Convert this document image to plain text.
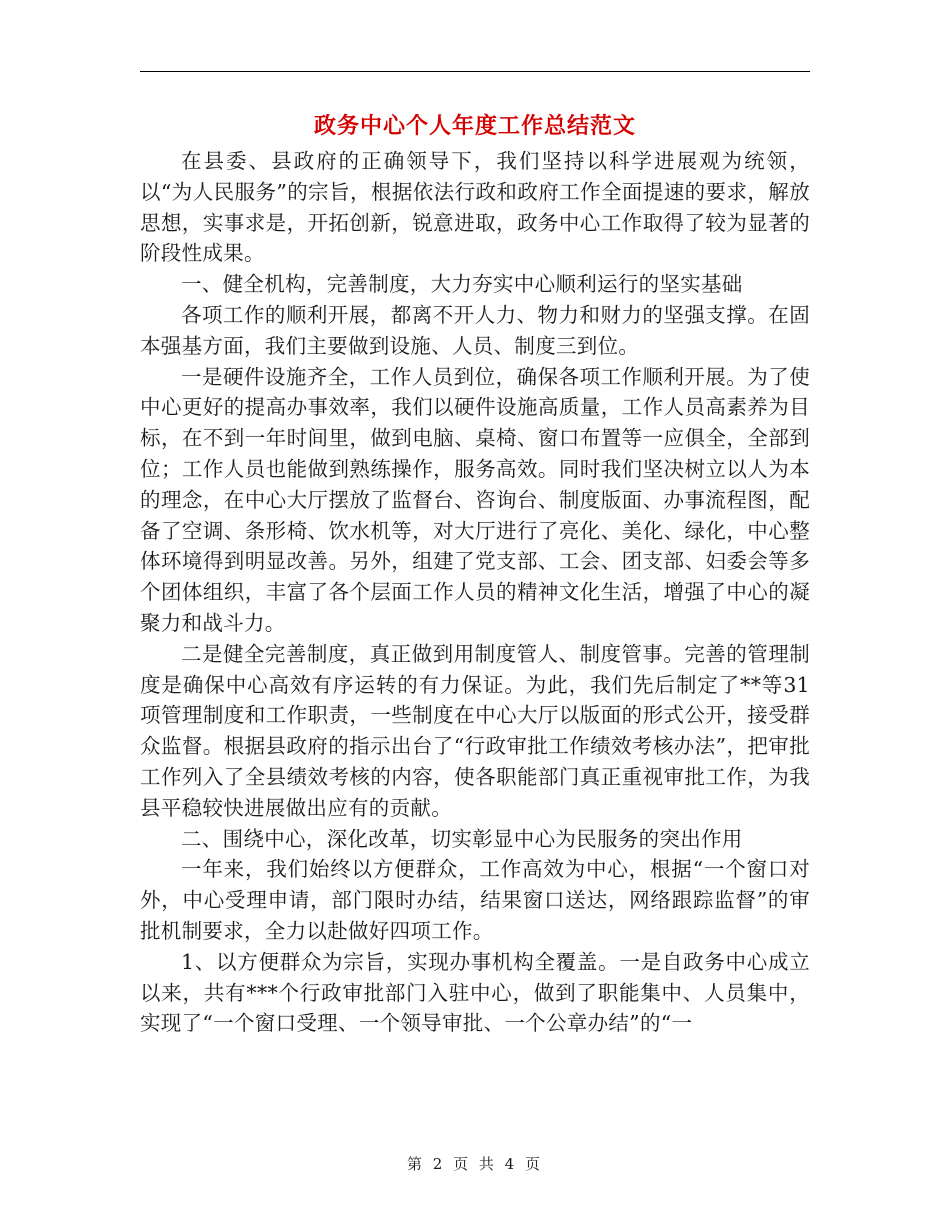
政务中心个人年度工作总结范文

在县委、县政府的正确领导下，我们坚持以科学进展观为统领，以“为人民服务”的宗旨，根据依法行政和政府工作全面提速的要求，解放思想，实事求是，开拓创新，锐意进取，政务中心工作取得了较为显著的阶段性成果。

一、健全机构，完善制度，大力夯实中心顺利运行的坚实基础

各项工作的顺利开展，都离不开人力、物力和财力的坚强支撑。在固本强基方面，我们主要做到设施、人员、制度三到位。

一是硬件设施齐全，工作人员到位，确保各项工作顺利开展。为了使中心更好的提高办事效率，我们以硬件设施高质量，工作人员高素养为目标，在不到一年时间里，做到电脑、桌椅、窗口布置等一应俱全，全部到位；工作人员也能做到熟练操作，服务高效。同时我们坚决树立以人为本的理念，在中心大厅摆放了监督台、咨询台、制度版面、办事流程图，配备了空调、条形椅、饮水机等，对大厅进行了亮化、美化、绿化，中心整体环境得到明显改善。另外，组建了党支部、工会、团支部、妇委会等多个团体组织，丰富了各个层面工作人员的精神文化生活，增强了中心的凝聚力和战斗力。

二是健全完善制度，真正做到用制度管人、制度管事。完善的管理制度是确保中心高效有序运转的有力保证。为此，我们先后制定了**等31项管理制度和工作职责，一些制度在中心大厅以版面的形式公开，接受群众监督。根据县政府的指示出台了“行政审批工作绩效考核办法”，把审批工作列入了全县绩效考核的内容，使各职能部门真正重视审批工作，为我县平稳较快进展做出应有的贡献。

二、围绕中心，深化改革，切实彰显中心为民服务的突出作用

一年来，我们始终以方便群众，工作高效为中心，根据“一个窗口对外，中心受理申请，部门限时办结，结果窗口送达，网络跟踪监督”的审批机制要求，全力以赴做好四项工作。

1、以方便群众为宗旨，实现办事机构全覆盖。一是自政务中心成立以来，共有***个行政审批部门入驻中心，做到了职能集中、人员集中，实现了“一个窗口受理、一个领导审批、一个公章办结”的“一

第 2 页 共 4 页
